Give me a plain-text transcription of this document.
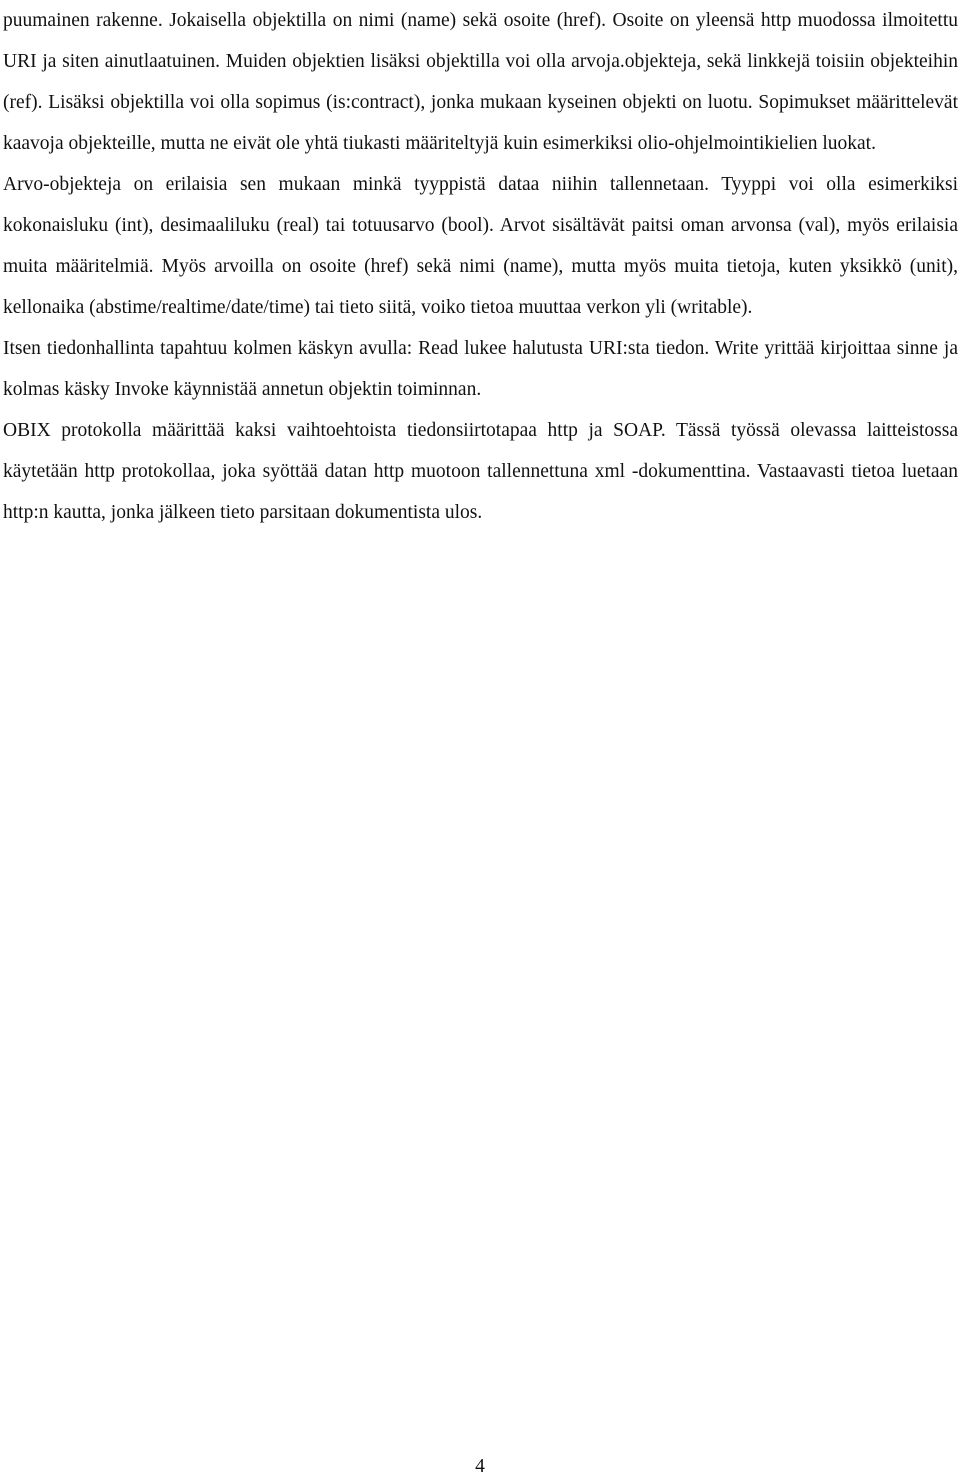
puumainen rakenne. Jokaisella objektilla on nimi (name) sekä osoite (href). Osoite on yleensä http muodossa ilmoitettu URI ja siten ainutlaatuinen. Muiden objektien lisäksi objektilla voi olla arvoja.objekteja, sekä linkkejä toisiin objekteihin (ref). Lisäksi objektilla voi olla sopimus (is:contract), jonka mukaan kyseinen objekti on luotu. Sopimukset määrittelevät kaavoja objekteille, mutta ne eivät ole yhtä tiukasti määriteltyjä kuin esimerkiksi olio-ohjelmointikielien luokat.

Arvo-objekteja on erilaisia sen mukaan minkä tyyppistä dataa niihin tallennetaan. Tyyppi voi olla esimerkiksi kokonaisluku (int), desimaaliluku (real) tai totuusarvo (bool). Arvot sisältävät paitsi oman arvonsa (val), myös erilaisia muita määritelmiä. Myös arvoilla on osoite (href) sekä nimi (name), mutta myös muita tietoja, kuten yksikkö (unit), kellonaika (abstime/realtime/date/time) tai tieto siitä, voiko tietoa muuttaa verkon yli (writable).

Itsen tiedonhallinta tapahtuu kolmen käskyn avulla: Read lukee halutusta URI:sta tiedon. Write yrittää kirjoittaa sinne ja kolmas käsky Invoke käynnistää annetun objektin toiminnan.

OBIX protokolla määrittää kaksi vaihtoehtoista tiedonsiirtotapaa http ja SOAP. Tässä työssä olevassa laitteistossa käytetään http protokollaa, joka syöttää datan http muotoon tallennettuna xml -dokumenttina. Vastaavasti tietoa luetaan http:n kautta, jonka jälkeen tieto parsitaan dokumentista ulos.

4
